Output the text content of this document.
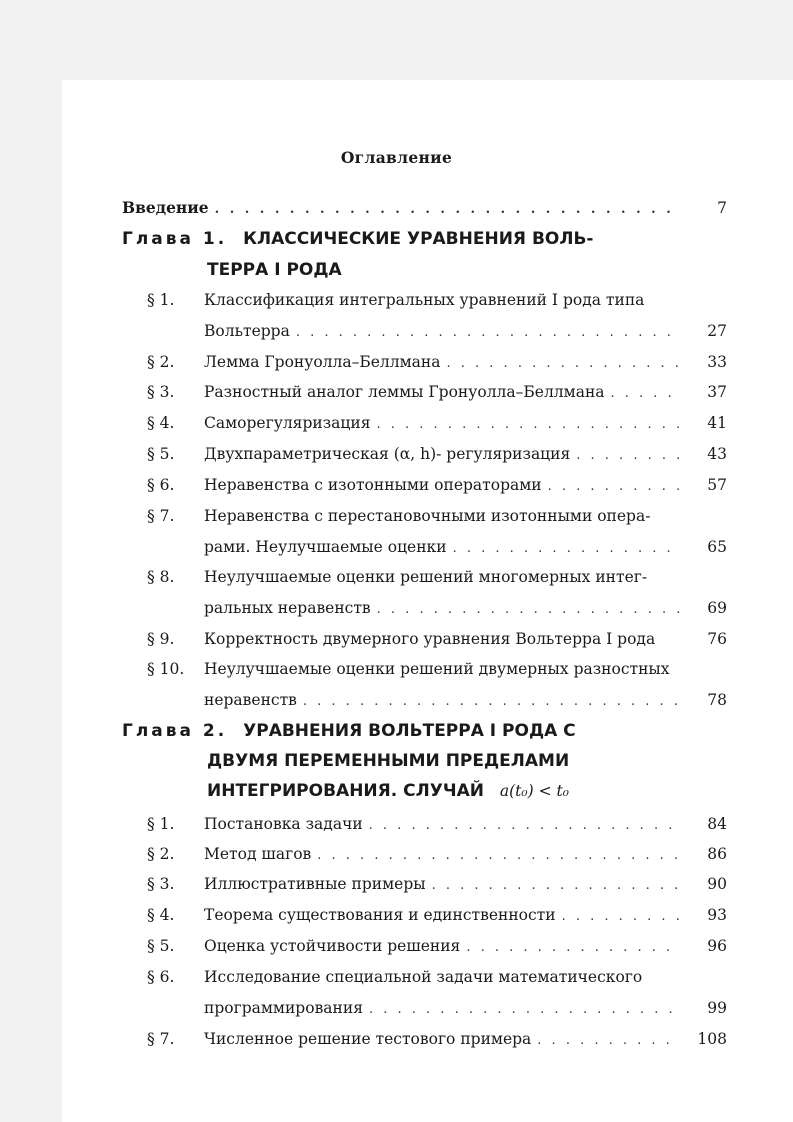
Оглавление
Введение . . .	7
Глава 1. КЛАССИЧЕСКИЕ УРАВНЕНИЯ ВОЛЬ-
ТЕРРА I РОДА
§ 1. Классификация интегральных уравнений I рода типа
Вольтерра . . .	27
§ 2. Лемма Гронуолла–Беллмана . . .	33
§ 3. Разностный аналог леммы Гронуолла–Беллмана . . .	37
§ 4. Саморегуляризация . . .	41
§ 5. Двухпараметрическая (α, h)- регуляризация . . .	43
§ 6. Неравенства с изотонными операторами . . .	57
§ 7. Неравенства с перестановочными изотонными опера-
рами. Неулучшаемые оценки . . .	65
§ 8. Неулучшаемые оценки решений многомерных интег-
ральных неравенств . . .	69
§ 9. Корректность двумерного уравнения Вольтерра I рода	76
§ 10. Неулучшаемые оценки решений двумерных разностных
неравенств . . .	78
Глава 2. УРАВНЕНИЯ ВОЛЬТЕРРА I РОДА С
ДВУМЯ ПЕРЕМЕННЫМИ ПРЕДЕЛАМИ
ИНТЕГРИРОВАНИЯ. СЛУЧАЙ a(t₀) < t₀
§ 1. Постановка задачи . . .	84
§ 2. Метод шагов . . .	86
§ 3. Иллюстративные примеры . . .	90
§ 4. Теорема существования и единственности . . .	93
§ 5. Оценка устойчивости решения . . .	96
§ 6. Исследование специальной задачи математического
программирования . . .	99
§ 7. Численное решение тестового примера . . .	108
